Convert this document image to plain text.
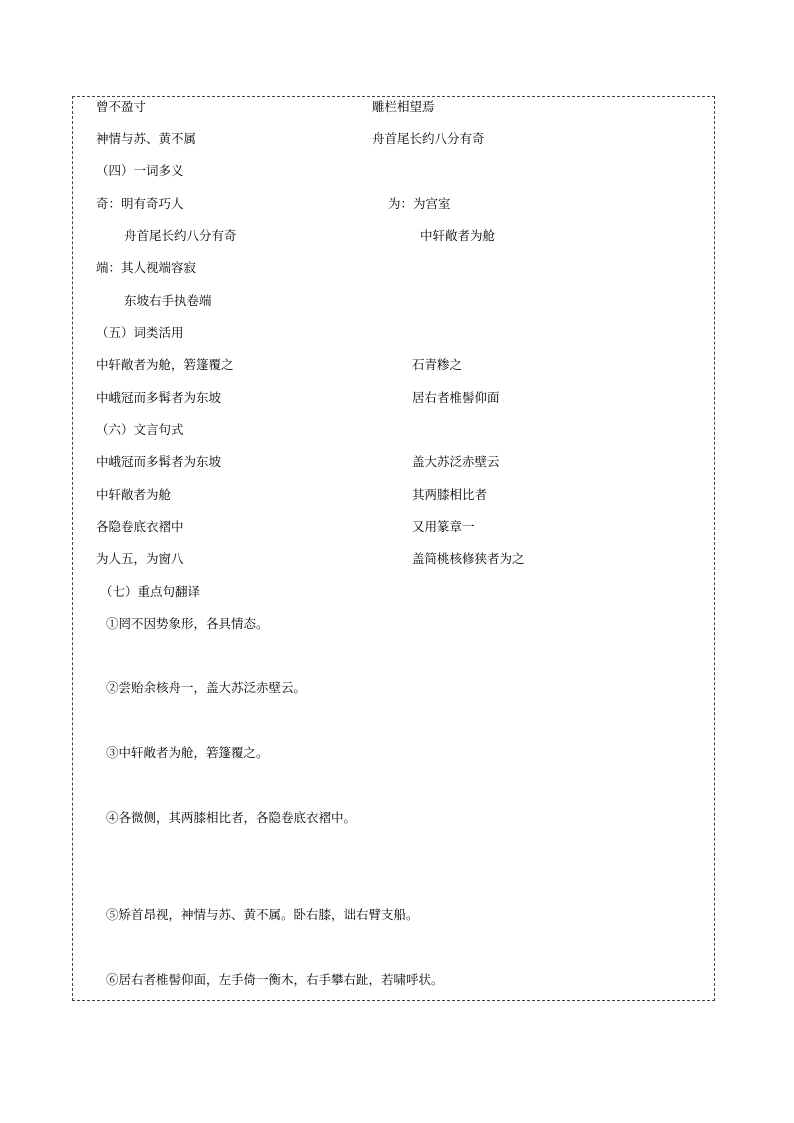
曾不盈寸	雕栏相望焉
神情与苏、黄不属	舟首尾长约八分有奇
（四）一词多义
奇：明有奇巧人	为：为宫室
舟首尾长约八分有奇	中轩敞者为舱
端：其人视端容寂
东坡右手执卷端
（五）词类活用
中轩敞者为舱，箬篷覆之	石青糁之
中峨冠而多髯者为东坡	居右者椎髻仰面
（六）文言句式
中峨冠而多髯者为东坡	盖大苏泛赤壁云
中轩敞者为舱	其两膝相比者
各隐卷底衣褶中	又用篆章一
为人五，为窗八	盖简桃核修狭者为之
（七）重点句翻译
①罔不因势象形，各具情态。
②尝贻余核舟一，盖大苏泛赤壁云。
③中轩敞者为舱，箬篷覆之。
④各微侧，其两膝相比者，各隐卷底衣褶中。
⑤矫首昂视，神情与苏、黄不属。卧右膝，诎右臂支船。
⑥居右者椎髻仰面，左手倚一衡木，右手攀右趾，若啸呼状。
